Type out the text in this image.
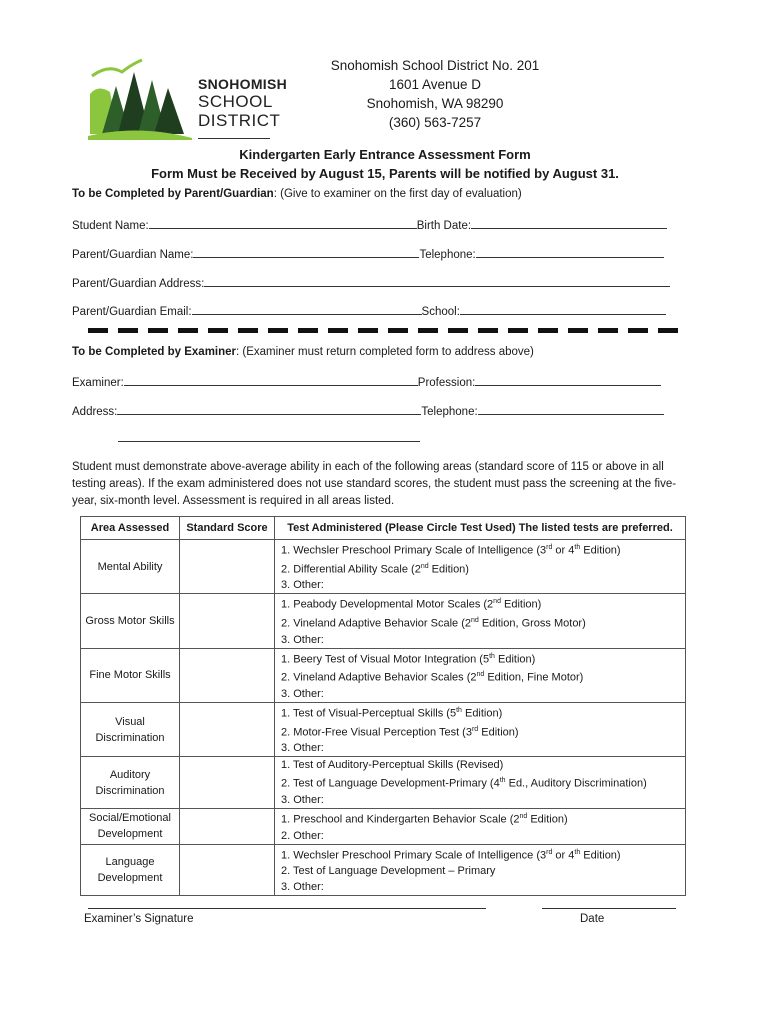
SNOHOMISH
SCHOOL
DISTRICT
Snohomish School District No. 201
1601 Avenue D
Snohomish, WA 98290
(360) 563-7257
Kindergarten Early Entrance Assessment Form
Form Must be Received by August 15, Parents will be notified by August 31.
To be Completed by Parent/Guardian: (Give to examiner on the first day of evaluation)
Student Name:	Birth Date:
Parent/Guardian Name:	Telephone:
Parent/Guardian Address:
Parent/Guardian Email:	School:
To be Completed by Examiner: (Examiner must return completed form to address above)
Examiner:	Profession:
Address:	Telephone:
Student must demonstrate above-average ability in each of the following areas (standard score of 115 or above in all testing areas). If the exam administered does not use standard scores, the student must pass the screening at the five-year, six-month level. Assessment is required in all areas listed.
Area Assessed	Standard Score	Test Administered (Please Circle Test Used) The listed tests are preferred.
Mental Ability		1. Wechsler Preschool Primary Scale of Intelligence (3rd or 4th Edition)
2. Differential Ability Scale (2nd Edition)
3. Other:

Gross Motor Skills		1. Peabody Developmental Motor Scales (2nd Edition)
2. Vineland Adaptive Behavior Scale (2nd Edition, Gross Motor)
3. Other:

Fine Motor Skills		1. Beery Test of Visual Motor Integration (5th Edition)
2. Vineland Adaptive Behavior Scales (2nd Edition, Fine Motor)
3. Other:

Visual Discrimination		1. Test of Visual-Perceptual Skills (5th Edition)
2. Motor-Free Visual Perception Test (3rd Edition)
3. Other:

Auditory Discrimination		1. Test of Auditory-Perceptual Skills (Revised)
2. Test of Language Development-Primary (4th Ed., Auditory Discrimination)
3. Other:

Social/Emotional Development		1. Preschool and Kindergarten Behavior Scale (2nd Edition)
2. Other:

Language Development		1. Wechsler Preschool Primary Scale of Intelligence (3rd or 4th Edition)
2. Test of Language Development – Primary
3. Other:
Examiner’s Signature	Date
